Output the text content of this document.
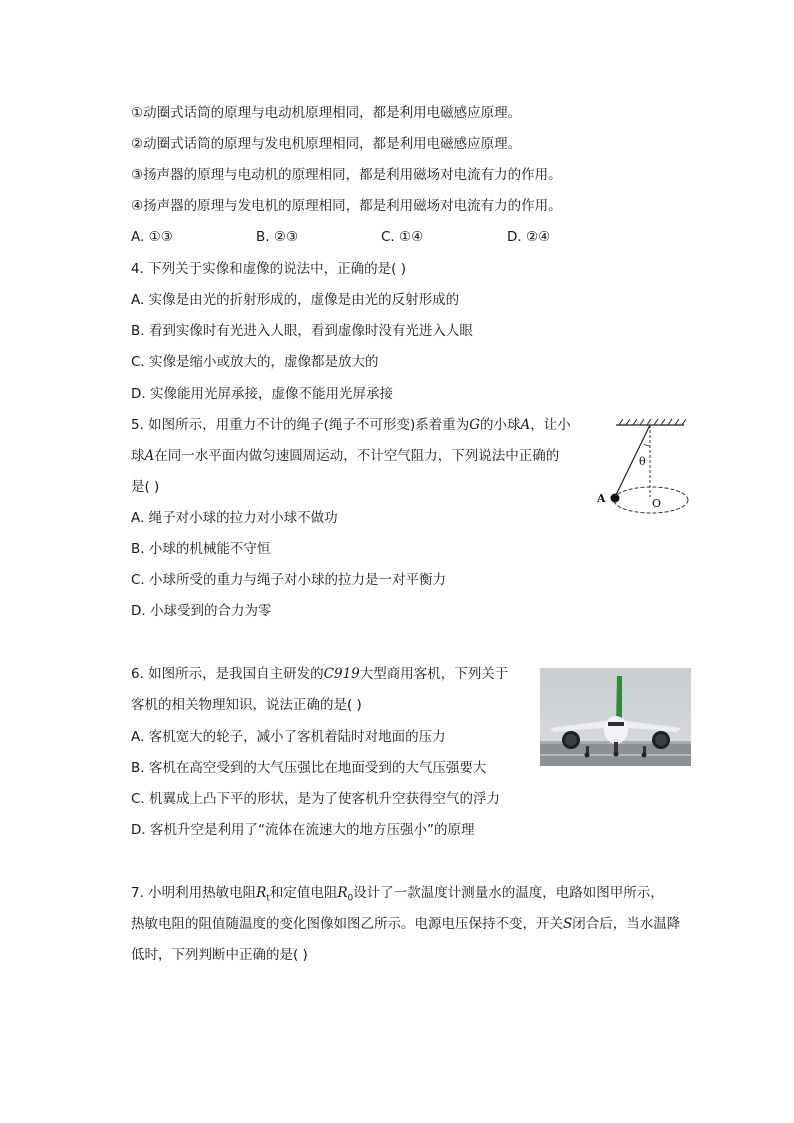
①动圈式话筒的原理与电动机原理相同，都是利用电磁感应原理。
②动圈式话筒的原理与发电机原理相同，都是利用电磁感应原理。
③扬声器的原理与电动机的原理相同，都是利用磁场对电流有力的作用。
④扬声器的原理与发电机的原理相同，都是利用磁场对电流有力的作用。
A. ①③	B. ②③	C. ①④	D. ②④
4. 下列关于实像和虚像的说法中，正确的是( )
A. 实像是由光的折射形成的，虚像是由光的反射形成的
B. 看到实像时有光进入人眼，看到虚像时没有光进入人眼
C. 实像是缩小或放大的，虚像都是放大的
D. 实像能用光屏承接，虚像不能用光屏承接
5. 如图所示，用重力不计的绳子(绳子不可形变)系着重为G的小球A，让小
球A在同一水平面内做匀速圆周运动，不计空气阻力，下列说法中正确的
是( )
A. 绳子对小球的拉力对小球不做功
B. 小球的机械能不守恒
C. 小球所受的重力与绳子对小球的拉力是一对平衡力
D. 小球受到的合力为零
θ
A	O
6. 如图所示，是我国自主研发的C919大型商用客机，下列关于
客机的相关物理知识，说法正确的是( )
A. 客机宽大的轮子，减小了客机着陆时对地面的压力
B. 客机在高空受到的大气压强比在地面受到的大气压强要大
C. 机翼成上凸下平的形状，是为了使客机升空获得空气的浮力
D. 客机升空是利用了“流体在流速大的地方压强小”的原理
7. 小明利用热敏电阻$R_t$和定值电阻$R_0$设计了一款温度计测量水的温度，电路如图甲所示，
热敏电阻的阻值随温度的变化图像如图乙所示。电源电压保持不变，开关S闭合后，当水温降
低时，下列判断中正确的是( )
